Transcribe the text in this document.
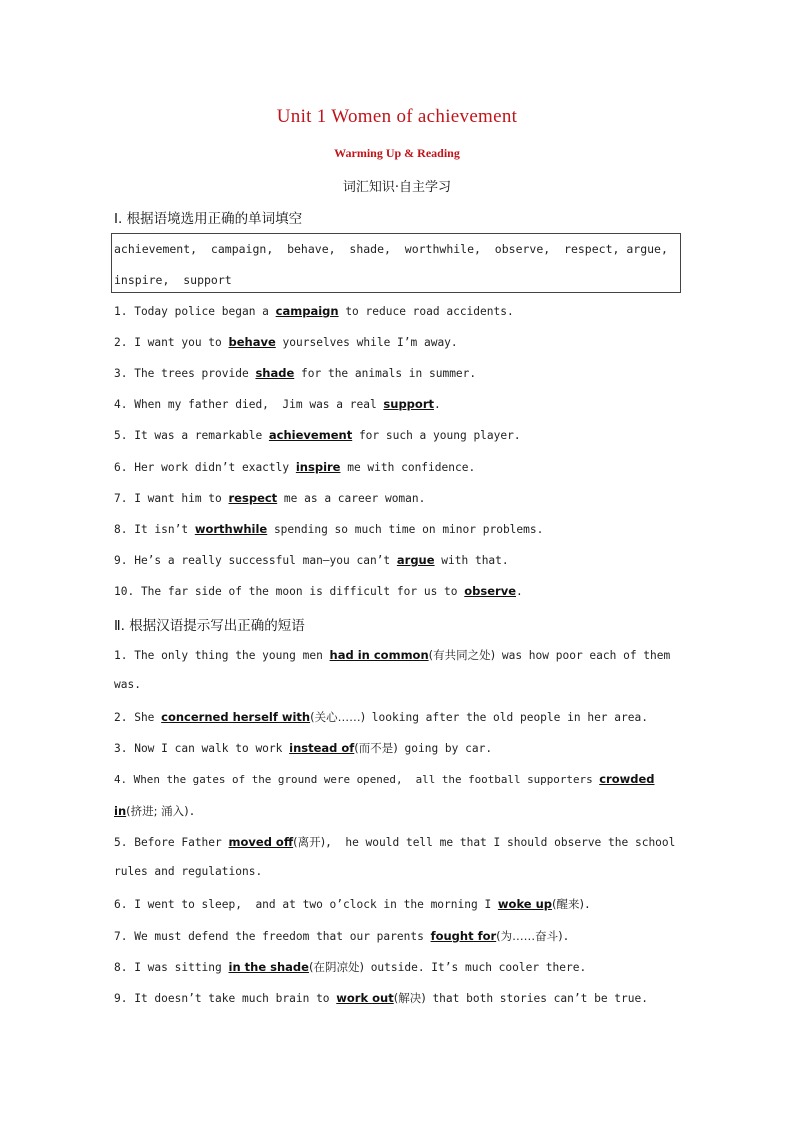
Unit 1 Women of achievement
Warming Up & Reading
词汇知识·自主学习
Ⅰ. 根据语境选用正确的单词填空
achievement,  campaign,  behave,  shade,  worthwhile,  observe,  respect, argue,
inspire,  support
1. Today police began a campaign to reduce road accidents.
2. I want you to behave yourselves while I’m away.
3. The trees provide shade for the animals in summer.
4. When my father died,  Jim was a real support.
5. It was a remarkable achievement for such a young player.
6. Her work didn’t exactly inspire me with confidence.
7. I want him to respect me as a career woman.
8. It isn’t worthwhile spending so much time on minor problems.
9. He’s a really successful man—you can’t argue with that.
10. The far side of the moon is difficult for us to observe.
Ⅱ. 根据汉语提示写出正确的短语
1. The only thing the young men had in common(有共同之处) was how poor each of them
was.
2. She concerned herself with(关心……) looking after the old people in her area.
3. Now I can walk to work instead of(而不是) going by car.
4. When the gates of the ground were opened,  all the football supporters crowded
in(挤进; 涌入).
5. Before Father moved off(离开),  he would tell me that I should observe the school
rules and regulations.
6. I went to sleep,  and at two o’clock in the morning I woke up(醒来).
7. We must defend the freedom that our parents fought for(为……奋斗).
8. I was sitting in the shade(在阴凉处) outside. It’s much cooler there.
9. It doesn’t take much brain to work out(解决) that both stories can’t be true.
